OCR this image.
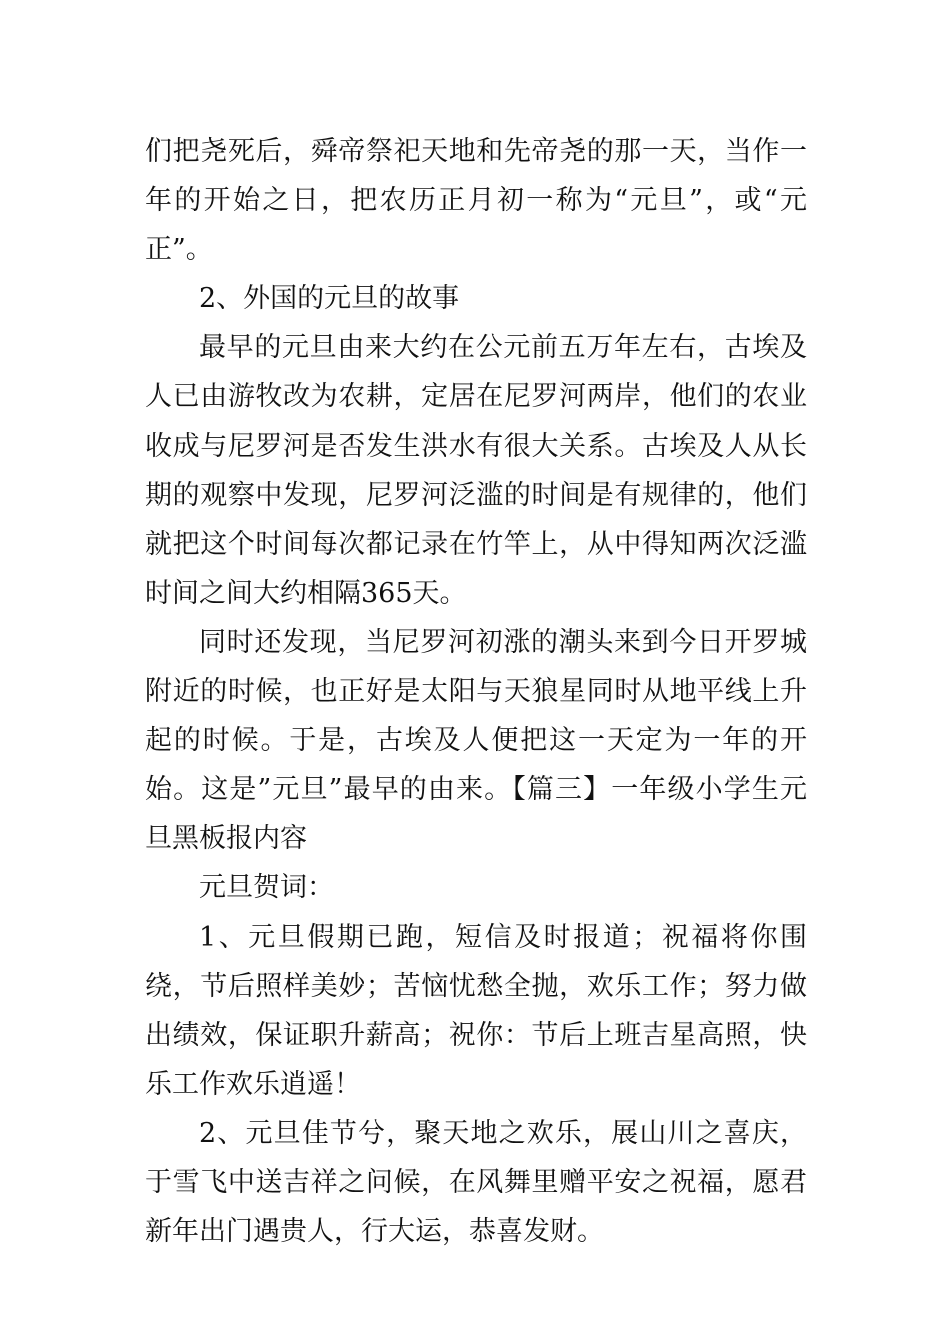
们把尧死后，舜帝祭祀天地和先帝尧的那一天，当作一年的开始之日，把农历正月初一称为“元旦”，或“元正”。

2、外国的元旦的故事

最早的元旦由来大约在公元前五万年左右，古埃及人已由游牧改为农耕，定居在尼罗河两岸，他们的农业收成与尼罗河是否发生洪水有很大关系。古埃及人从长期的观察中发现，尼罗河泛滥的时间是有规律的，他们就把这个时间每次都记录在竹竿上，从中得知两次泛滥时间之间大约相隔365天。

同时还发现，当尼罗河初涨的潮头来到今日开罗城附近的时候，也正好是太阳与天狼星同时从地平线上升起的时候。于是，古埃及人便把这一天定为一年的开始。这是”元旦”最早的由来。【篇三】一年级小学生元旦黑板报内容

元旦贺词：

1、元旦假期已跑，短信及时报道；祝福将你围绕，节后照样美妙；苦恼忧愁全抛，欢乐工作；努力做出绩效，保证职升薪高；祝你：节后上班吉星高照，快乐工作欢乐逍遥！

2、元旦佳节兮，聚天地之欢乐，展山川之喜庆，于雪飞中送吉祥之问候，在风舞里赠平安之祝福，愿君新年出门遇贵人，行大运，恭喜发财。
